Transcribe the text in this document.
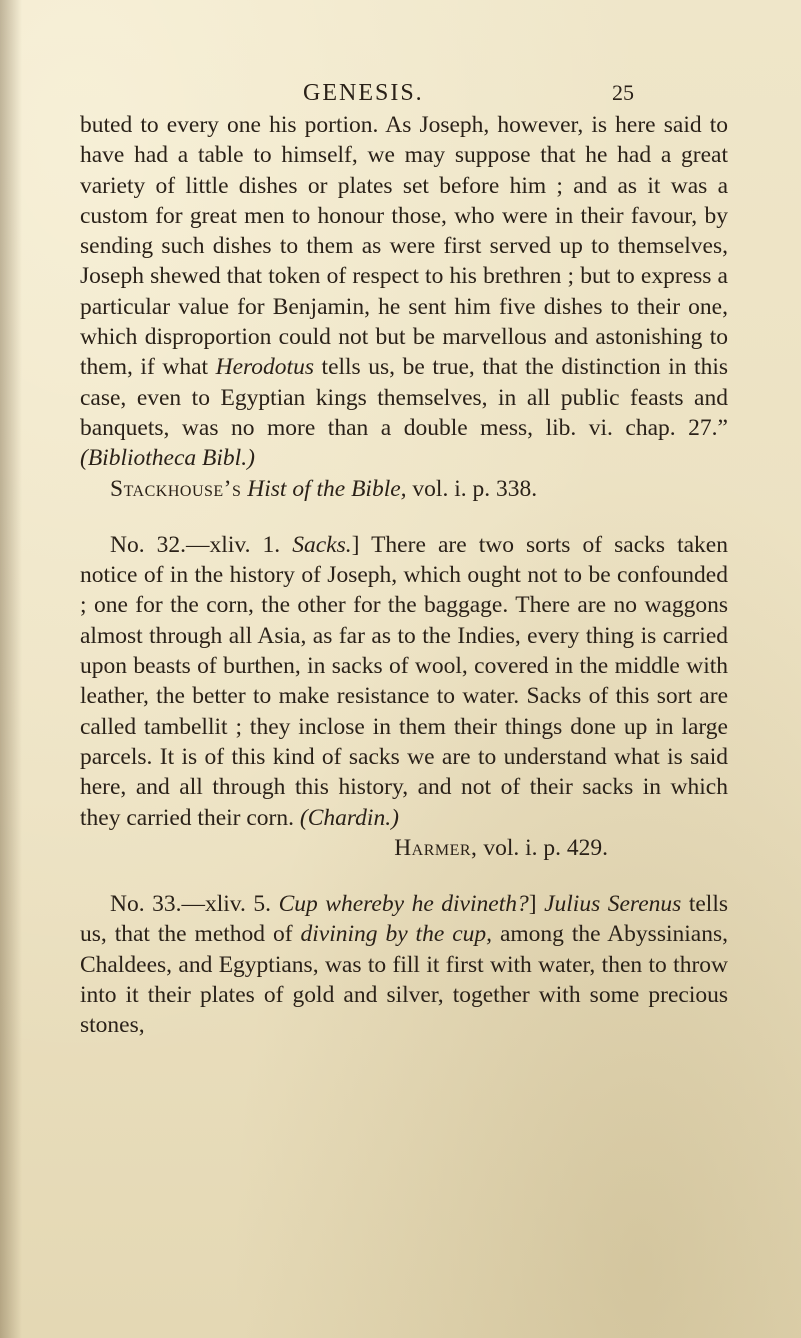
GENESIS.	25

buted to every one his portion. As Joseph, however, is here said to have had a table to himself, we may suppose that he had a great variety of little dishes or plates set before him ; and as it was a custom for great men to honour those, who were in their favour, by sending such dishes to them as were first served up to themselves, Joseph shewed that token of respect to his brethren ; but to express a particular value for Benjamin, he sent him five dishes to their one, which disproportion could not but be marvellous and astonishing to them, if what Herodotus tells us, be true, that the distinction in this case, even to Egyptian kings themselves, in all public feasts and banquets, was no more than a double mess, lib. vi. chap. 27.” (Bibliotheca Bibl.)

Stackhouse’s Hist of the Bible, vol. i. p. 338.

No. 32.—xliv. 1. Sacks.] There are two sorts of sacks taken notice of in the history of Joseph, which ought not to be confounded ; one for the corn, the other for the baggage. There are no waggons almost through all Asia, as far as to the Indies, every thing is carried upon beasts of burthen, in sacks of wool, covered in the middle with leather, the better to make resistance to water. Sacks of this sort are called tambellit ; they inclose in them their things done up in large parcels. It is of this kind of sacks we are to understand what is said here, and all through this history, and not of their sacks in which they carried their corn. (Chardin.)

Harmer, vol. i. p. 429.

No. 33.—xliv. 5. Cup whereby he divineth?] Julius Serenus tells us, that the method of divining by the cup, among the Abyssinians, Chaldees, and Egyptians, was to fill it first with water, then to throw into it their plates of gold and silver, together with some precious stones,
